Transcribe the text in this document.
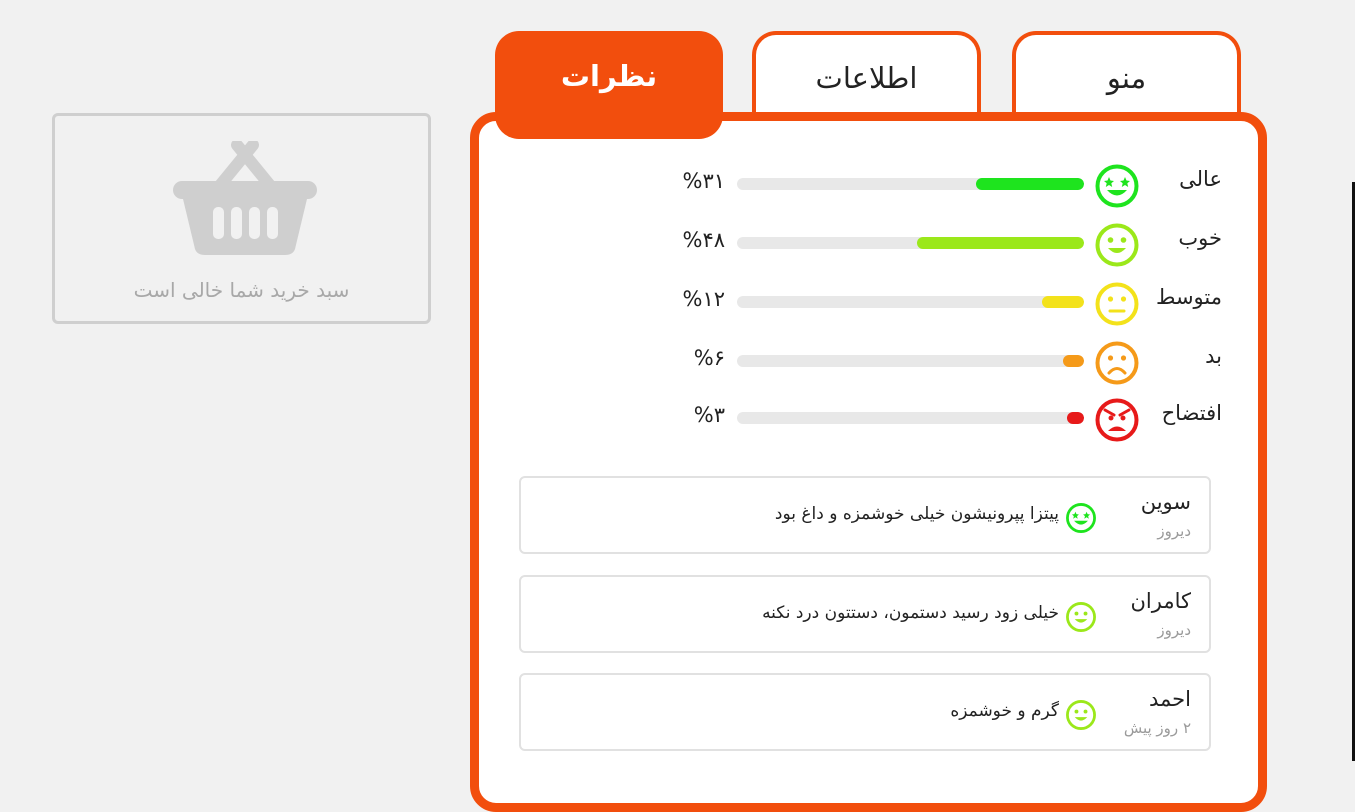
سبد خرید شما خالی است
منو
اطلاعات
نظرات
عالی
%۳۱
خوب
%۴۸
متوسط
%۱۲
بد
%۶
افتضاح
%۳
سوین
دیروز
پیتزا پپرونیشون خیلی خوشمزه و داغ بود
کامران
دیروز
خیلی زود رسید دستمون، دستتون درد نکنه
احمد
۲ روز پیش
گرم و خوشمزه
